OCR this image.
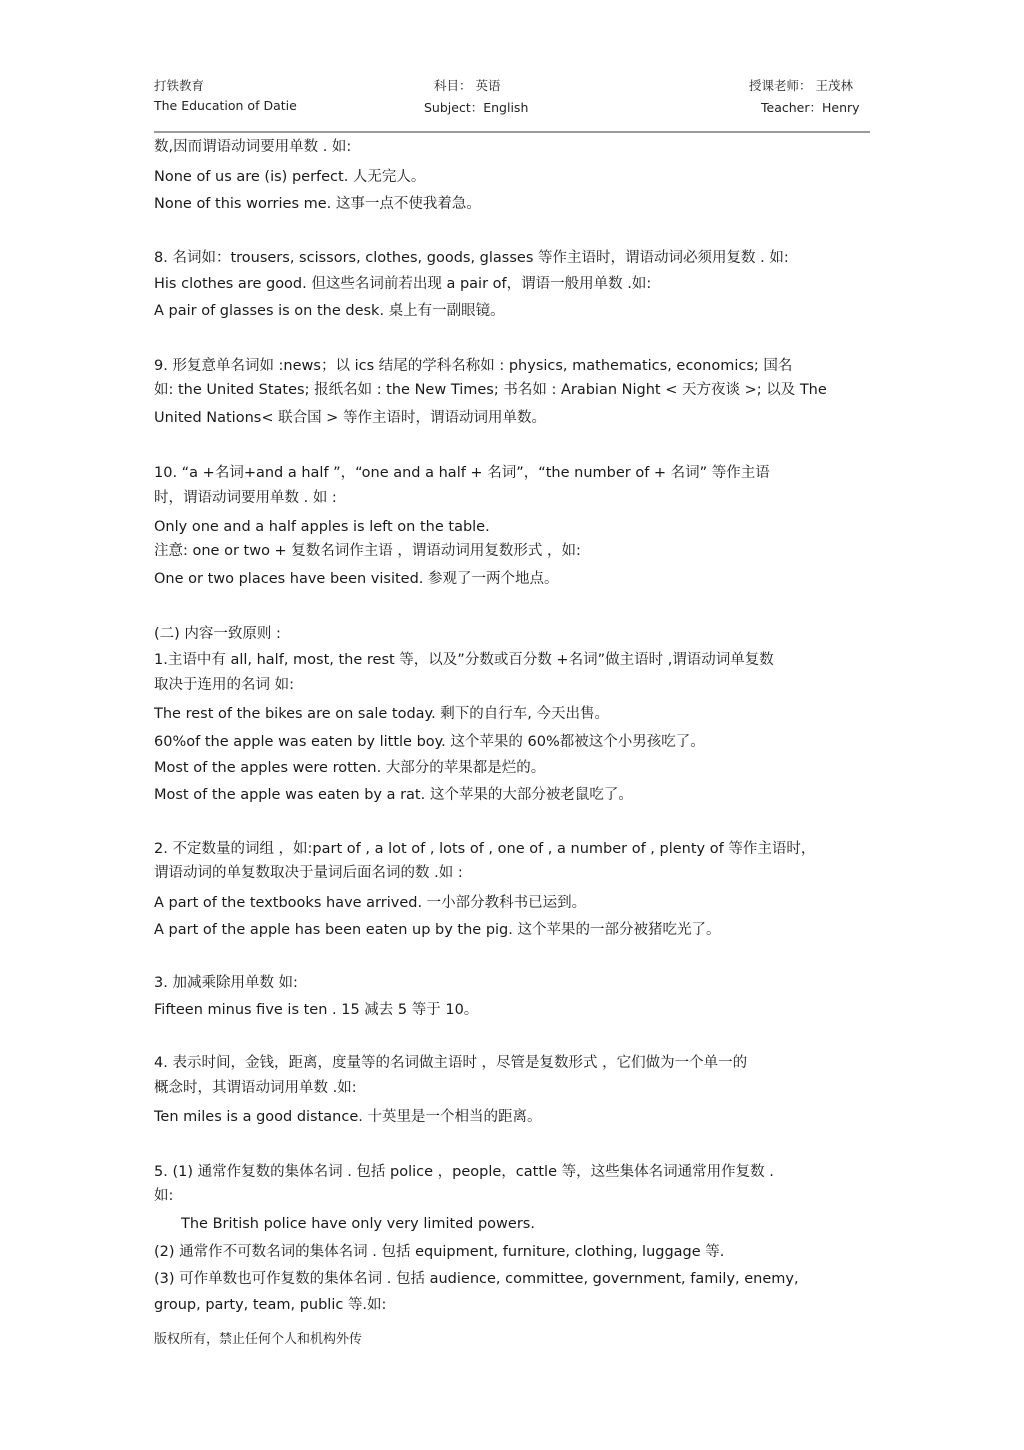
打铁教育
The Education of Datie
科目： 英语
Subject：English
授课老师： 王茂林
Teacher：Henry
数,因而谓语动词要用单数 . 如:
None of us are (is) perfect. 人无完人。
None of this worries me. 这事一点不使我着急。
8. 名词如：trousers, scissors, clothes, goods, glasses 等作主语时，谓语动词必须用复数 . 如:
His clothes are good. 但这些名词前若出现 a pair of，谓语一般用单数 .如:
A pair of glasses is on the desk. 桌上有一副眼镜。
9. 形复意单名词如 :news；以 ics 结尾的学科名称如 : physics, mathematics, economics; 国名
如: the United States; 报纸名如 : the New Times; 书名如 : Arabian Night < 天方夜谈 >; 以及 The
United Nations< 联合国 > 等作主语时，谓语动词用单数。
10. “a +名词+and a half ”，“one and a half + 名词”，“the number of + 名词” 等作主语
时，谓语动词要用单数 . 如 :
Only one and a half apples is left on the table.
注意: one or two + 复数名词作主语 ，谓语动词用复数形式 ，如:
One or two places have been visited. 参观了一两个地点。
(二) 内容一致原则 :
1.主语中有 all, half, most, the rest 等，以及”分数或百分数 +名词”做主语时 ,谓语动词单复数
取决于连用的名词 如:
The rest of the bikes are on sale today. 剩下的自行车, 今天出售。
60%of the apple was eaten by little boy. 这个苹果的 60%都被这个小男孩吃了。
Most of the apples were rotten. 大部分的苹果都是烂的。
Most of the apple was eaten by a rat. 这个苹果的大部分被老鼠吃了。
2. 不定数量的词组 ，如:part of , a lot of , lots of , one of , a number of , plenty of 等作主语时，
谓语动词的单复数取决于量词后面名词的数 .如 :
A part of the textbooks have arrived. 一小部分教科书已运到。
A part of the apple has been eaten up by the pig. 这个苹果的一部分被猪吃光了。
3. 加减乘除用单数 如:
Fifteen minus five is ten . 15 减去 5 等于 10。
4. 表示时间，金钱，距离，度量等的名词做主语时 ，尽管是复数形式 ，它们做为一个单一的
概念时，其谓语动词用单数 .如:
Ten miles is a good distance. 十英里是一个相当的距离。
5. (1) 通常作复数的集体名词 . 包括 police ，people，cattle 等，这些集体名词通常用作复数 .
如:
The British police have only very limited powers.
(2) 通常作不可数名词的集体名词 . 包括 equipment, furniture, clothing, luggage 等.
(3) 可作单数也可作复数的集体名词 . 包括 audience, committee, government, family, enemy,
group, party, team, public 等.如:
版权所有，禁止任何个人和机构外传
